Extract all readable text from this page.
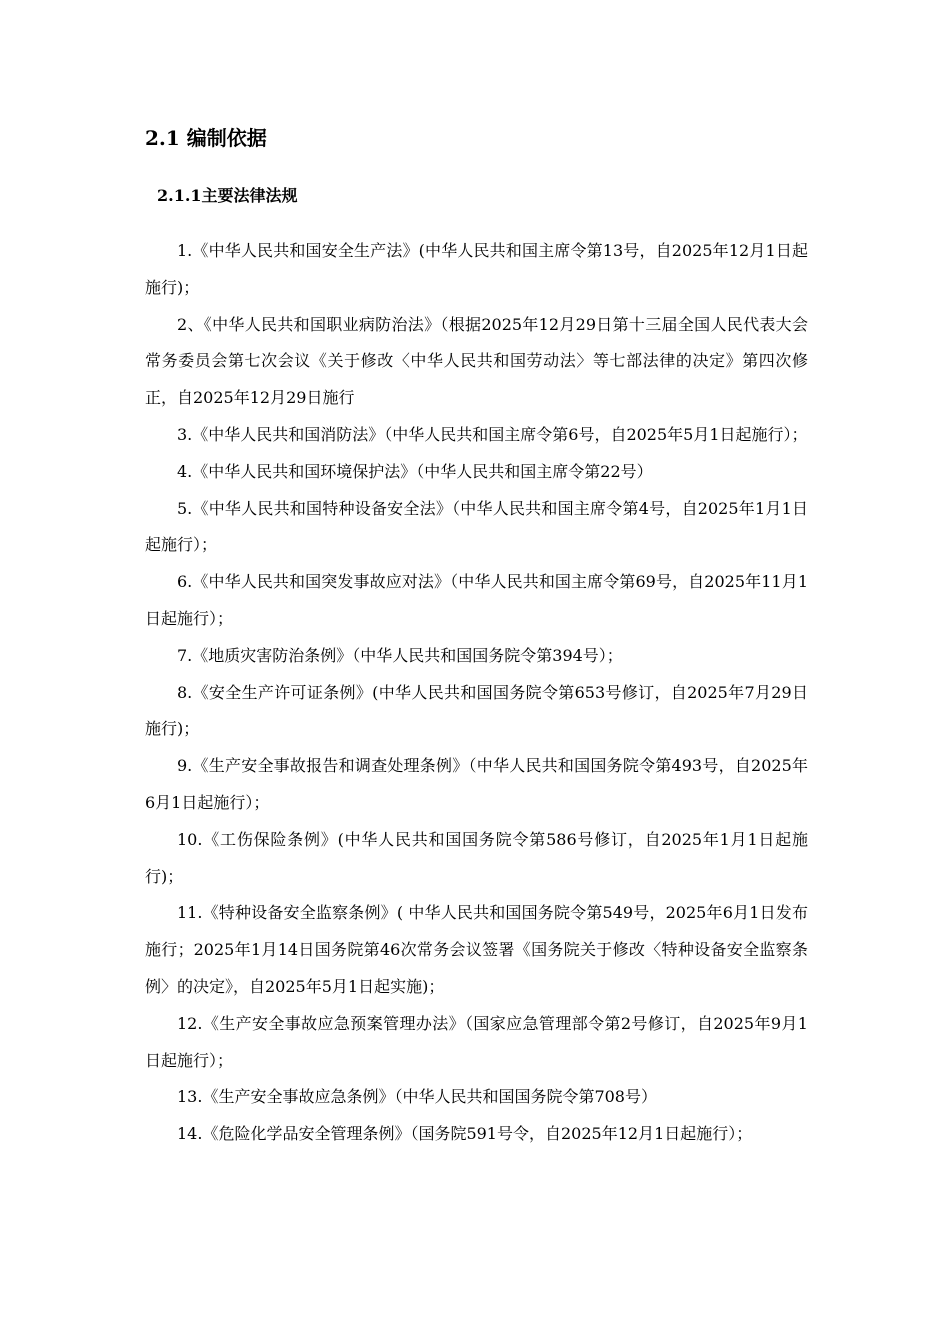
2.1 编制依据
2.1.1主要法律法规

1.《中华人民共和国安全生产法》(中华人民共和国主席令第13号，自2025年12月1日起施行)；

2、《中华人民共和国职业病防治法》（根据2025年12月29日第十三届全国人民代表大会常务委员会第七次会议《关于修改〈中华人民共和国劳动法〉等七部法律的决定》第四次修正，自2025年12月29日施行

3.《中华人民共和国消防法》（中华人民共和国主席令第6号，自2025年5月1日起施行）；

4.《中华人民共和国环境保护法》（中华人民共和国主席令第22号）

5.《中华人民共和国特种设备安全法》（中华人民共和国主席令第4号，自2025年1月1日起施行）；

6.《中华人民共和国突发事故应对法》（中华人民共和国主席令第69号，自2025年11月1日起施行）；

7.《地质灾害防治条例》（中华人民共和国国务院令第394号）；

8.《安全生产许可证条例》(中华人民共和国国务院令第653号修订，自2025年7月29日施行)；

9.《生产安全事故报告和调查处理条例》（中华人民共和国国务院令第493号，自2025年6月1日起施行）；

10.《工伤保险条例》(中华人民共和国国务院令第586号修订，自2025年1月1日起施行)；

11.《特种设备安全监察条例》( 中华人民共和国国务院令第549号，2025年6月1日发布施行；2025年1月14日国务院第46次常务会议签署《国务院关于修改〈特种设备安全监察条例〉的决定》，自2025年5月1日起实施)；

12.《生产安全事故应急预案管理办法》（国家应急管理部令第2号修订，自2025年9月1日起施行）；

13.《生产安全事故应急条例》（中华人民共和国国务院令第708号）

14.《危险化学品安全管理条例》（国务院591号令，自2025年12月1日起施行）；
